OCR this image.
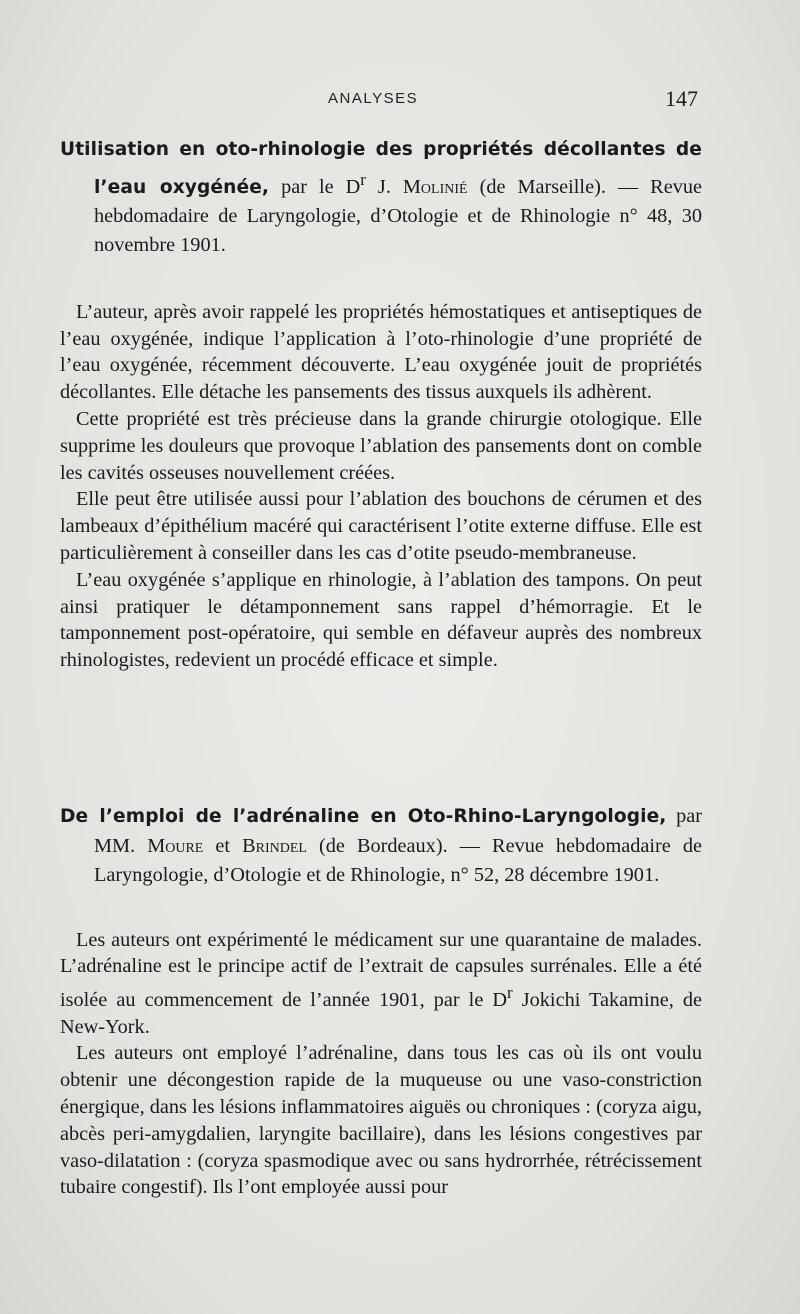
ANALYSES	147

Utilisation en oto-rhinologie des propriétés décollantes de l’eau oxygénée, par le $D^r$ J. Molinié (de Marseille). — Revue hebdomadaire de Laryngologie, d’Otologie et de Rhinologie n° 48, 30 novembre 1901.

L’auteur, après avoir rappelé les propriétés hémostatiques et antiseptiques de l’eau oxygénée, indique l’application à l’oto-rhinologie d’une propriété de l’eau oxygénée, récemment découverte. L’eau oxygénée jouit de propriétés décollantes. Elle détache les pansements des tissus auxquels ils adhèrent.

Cette propriété est très précieuse dans la grande chirurgie otologique. Elle supprime les douleurs que provoque l’ablation des pansements dont on comble les cavités osseuses nouvellement créées.

Elle peut être utilisée aussi pour l’ablation des bouchons de cérumen et des lambeaux d’épithélium macéré qui caractérisent l’otite externe diffuse. Elle est particulièrement à conseiller dans les cas d’otite pseudo-membraneuse.

L’eau oxygénée s’applique en rhinologie, à l’ablation des tampons. On peut ainsi pratiquer le détamponnement sans rappel d’hémorragie. Et le tamponnement post-opératoire, qui semble en défaveur auprès des nombreux rhinologistes, redevient un procédé efficace et simple.

De l’emploi de l’adrénaline en Oto-Rhino-Laryngologie, par MM. Moure et Brindel (de Bordeaux). — Revue hebdomadaire de Laryngologie, d’Otologie et de Rhinologie, n° 52, 28 décembre 1901.

Les auteurs ont expérimenté le médicament sur une quarantaine de malades. L’adrénaline est le principe actif de l’extrait de capsules surrénales. Elle a été isolée au commencement de l’année 1901, par le $D^r$ Jokichi Takamine, de New-York.

Les auteurs ont employé l’adrénaline, dans tous les cas où ils ont voulu obtenir une décongestion rapide de la muqueuse ou une vaso-constriction énergique, dans les lésions inflammatoires aiguës ou chroniques : (coryza aigu, abcès peri-amygdalien, laryngite bacillaire), dans les lésions congestives par vaso-dilatation : (coryza spasmodique avec ou sans hydrorrhée, rétrécissement tubaire congestif). Ils l’ont employée aussi pour
